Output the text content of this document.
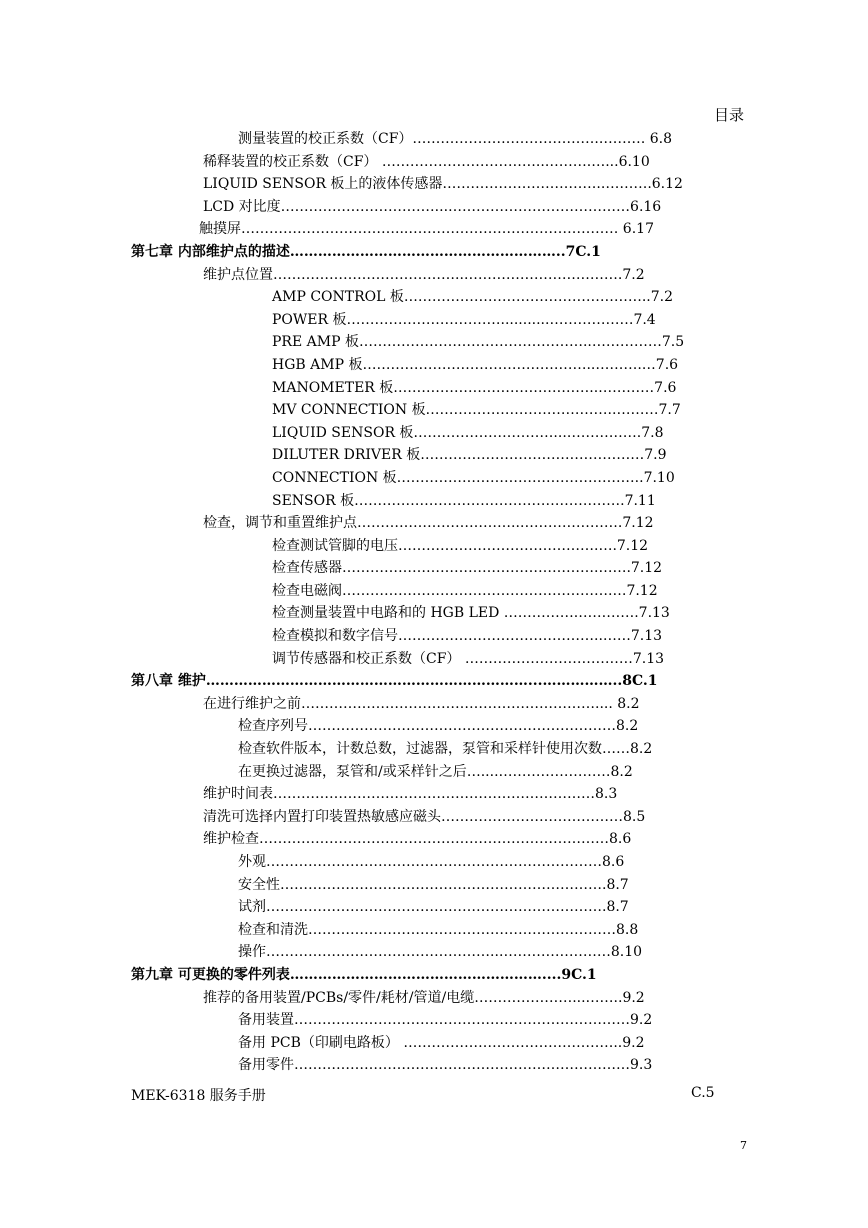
目录
测量装置的校正系数（CF）…………………………………..……… 6.8
稀释装置的校正系数（CF） ……………………………..……….…...6.10
LIQUID SENSOR 板上的液体传感器……………………………..……….6.12
LCD 对比度……………………………...…………………………………6.16
触摸屏……………………………...……………………………………… 6.17
第七章 内部维护点的描述…………………………………………………..7C.1
维护点位置…………………………………..…………………………….7.2
AMP CONTROL 板……………………………………………..7.2
POWER 板……………………………...........………………7.4
PRE AMP 板…………………………………………..……………7.5
HGB AMP 板…………………………………………..……….…7.6
MANOMETER 板……………………………………..…………7.6
MV CONNECTION 板…………………………………..………7.7
LIQUID SENSOR 板…………………………...…………….7.8
DILUTER DRIVER 板…………………………………………7.9
CONNECTION 板……………………………………………..7.10
SENSOR 板………………………………………………….7.11
检查，调节和重置维护点……………………………..………………….7.12
检查测试管脚的电压…………………………………….….7.12
检查传感器……………………………………………….…….7.12
检查电磁阀………………………………………………….…7.12
检查测量装置中电路和的 HGB LED …………….………….7.13
检查模拟和数字信号……………………………………..……7.13
调节传感器和校正系数（CF） ………………………………7.13
第八章 维护……………………………………………………………...……………..8C.1
在进行维护之前……………………………………………………….... 8.2
检查序列号…………………………………………………………8.2
检查软件版本，计数总数，过滤器，泵管和采样针使用次数……8.2
在更换过滤器，泵管和/或采样针之后…....……………………8.2
维护时间表……………………………………………………………8.3
清洗可选择内置打印装置热敏感应磁头…………………………………8.5
维护检查…………………………………………………………………8.6
外观………………………………………………………………8.6
安全性…………………………………………………………….8.7
试剂……………………………………………………………….8.7
检查和清洗…………………………………………………………8.8
操作…………………………………………..……………………8.10
第九章 可更换的零件列表………………………………………………....9C.1
推荐的备用装置/PCBs/零件/耗材/管道/电缆…………………...……..9.2
备用装置………………………………………………………………9.2
备用 PCB（印刷电路板） ………………………………………..9.2
备用零件………………………………………………………………9.3
MEK-6318 服务手册	C.5
7
